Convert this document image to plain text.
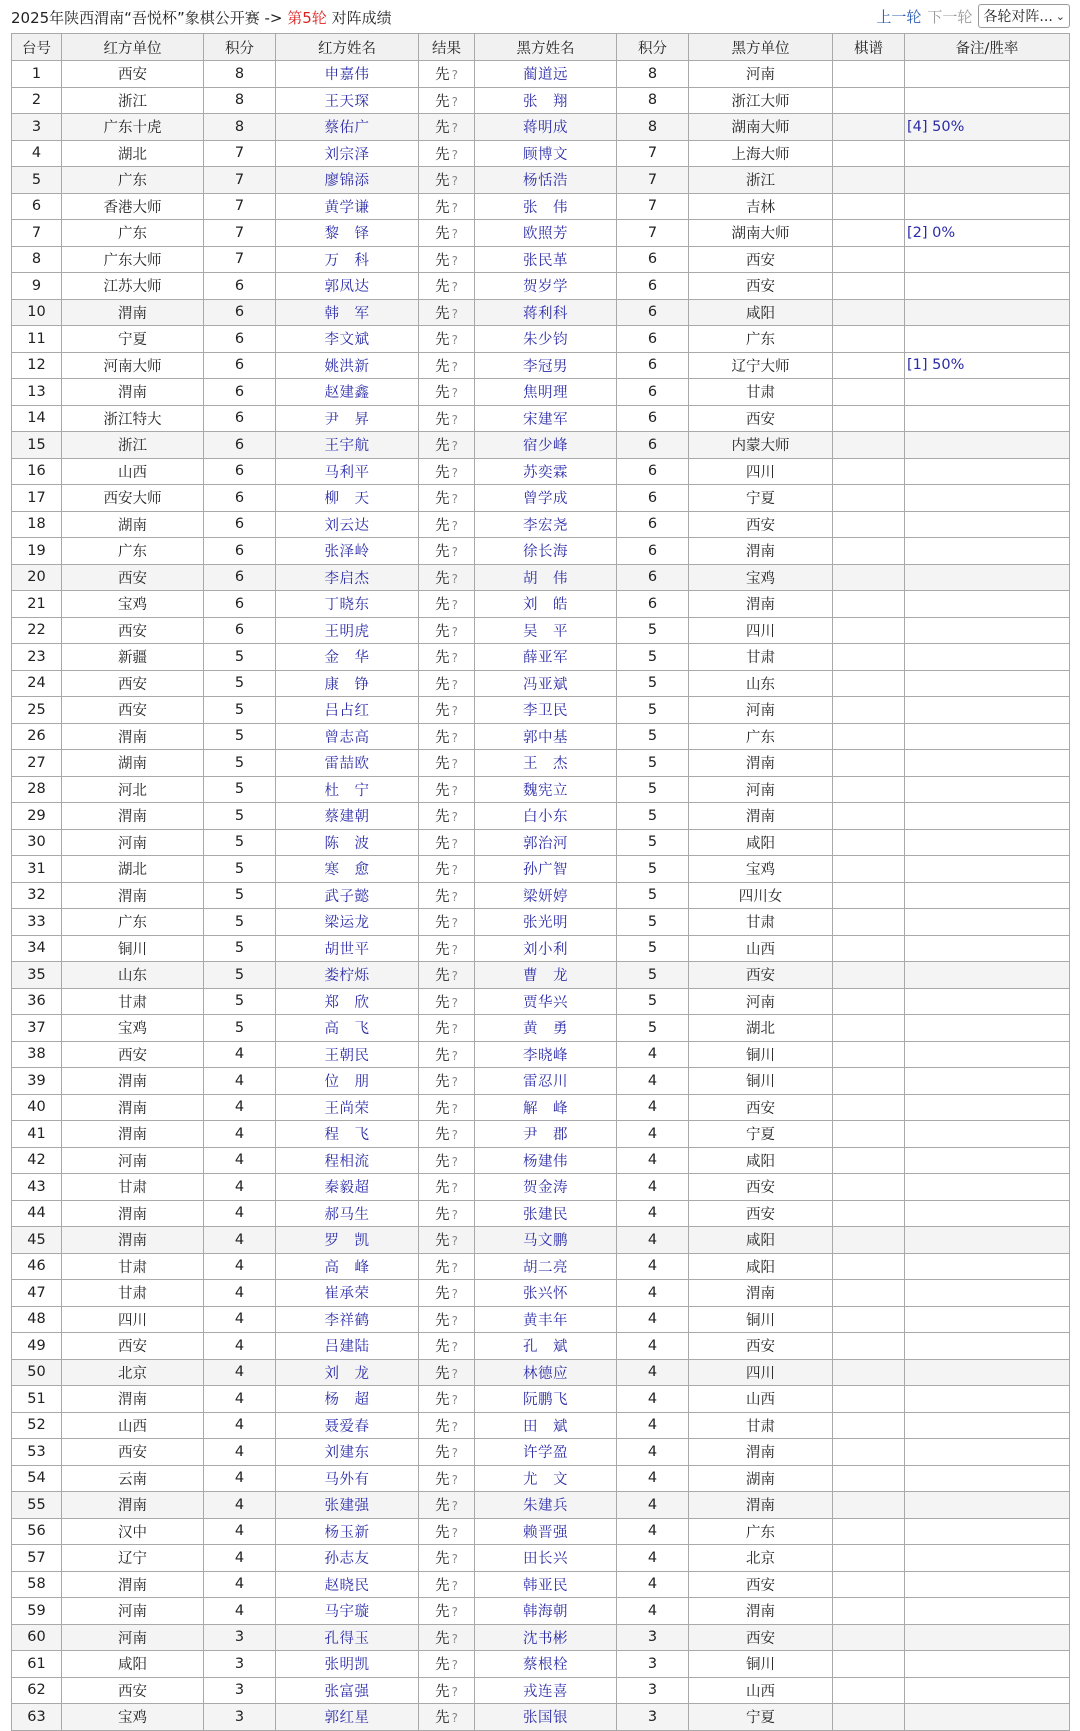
2025年陕西渭南“吾悦杯”象棋公开赛 -> 第5轮 对阵成绩	上一轮 下一轮 各轮对阵... ⌄
台号	红方单位	积分	红方姓名	结果	黑方姓名	积分	黑方单位	棋谱	备注/胜率
1	西安	8	申嘉伟	先 ?	蔺道远	8	河南		
2	浙江	8	王天琛	先 ?	张　翔	8	浙江大师		
3	广东十虎	8	蔡佑广	先 ?	蒋明成	8	湖南大师		[4] 50%
4	湖北	7	刘宗泽	先 ?	顾博文	7	上海大师		
5	广东	7	廖锦添	先 ?	杨恬浩	7	浙江		
6	香港大师	7	黄学谦	先 ?	张　伟	7	吉林		
7	广东	7	黎　铎	先 ?	欧照芳	7	湖南大师		[2] 0%
8	广东大师	7	万　科	先 ?	张民革	6	西安		
9	江苏大师	6	郭凤达	先 ?	贺岁学	6	西安		
10	渭南	6	韩　军	先 ?	蒋利科	6	咸阳		
11	宁夏	6	李文斌	先 ?	朱少钧	6	广东		
12	河南大师	6	姚洪新	先 ?	李冠男	6	辽宁大师		[1] 50%
13	渭南	6	赵建鑫	先 ?	焦明理	6	甘肃		
14	浙江特大	6	尹　昇	先 ?	宋建军	6	西安		
15	浙江	6	王宇航	先 ?	宿少峰	6	内蒙大师		
16	山西	6	马利平	先 ?	苏奕霖	6	四川		
17	西安大师	6	柳　天	先 ?	曾学成	6	宁夏		
18	湖南	6	刘云达	先 ?	李宏尧	6	西安		
19	广东	6	张泽岭	先 ?	徐长海	6	渭南		
20	西安	6	李启杰	先 ?	胡　伟	6	宝鸡		
21	宝鸡	6	丁晓东	先 ?	刘　皓	6	渭南		
22	西安	6	王明虎	先 ?	吴　平	5	四川		
23	新疆	5	金　华	先 ?	薛亚军	5	甘肃		
24	西安	5	康　铮	先 ?	冯亚斌	5	山东		
25	西安	5	吕占红	先 ?	李卫民	5	河南		
26	渭南	5	曾志高	先 ?	郭中基	5	广东		
27	湖南	5	雷喆欧	先 ?	王　杰	5	渭南		
28	河北	5	杜　宁	先 ?	魏宪立	5	河南		
29	渭南	5	蔡建朝	先 ?	白小东	5	渭南		
30	河南	5	陈　波	先 ?	郭治河	5	咸阳		
31	湖北	5	寒　愈	先 ?	孙广智	5	宝鸡		
32	渭南	5	武子懿	先 ?	梁妍婷	5	四川女		
33	广东	5	梁运龙	先 ?	张光明	5	甘肃		
34	铜川	5	胡世平	先 ?	刘小利	5	山西		
35	山东	5	娄柠烁	先 ?	曹　龙	5	西安		
36	甘肃	5	郑　欣	先 ?	贾华兴	5	河南		
37	宝鸡	5	高　飞	先 ?	黄　勇	5	湖北		
38	西安	4	王朝民	先 ?	李晓峰	4	铜川		
39	渭南	4	位　朋	先 ?	雷忍川	4	铜川		
40	渭南	4	王尚荣	先 ?	解　峰	4	西安		
41	渭南	4	程　飞	先 ?	尹　郡	4	宁夏		
42	河南	4	程相流	先 ?	杨建伟	4	咸阳		
43	甘肃	4	秦毅超	先 ?	贺金涛	4	西安		
44	渭南	4	郝马生	先 ?	张建民	4	西安		
45	渭南	4	罗　凯	先 ?	马文鹏	4	咸阳		
46	甘肃	4	高　峰	先 ?	胡二亮	4	咸阳		
47	甘肃	4	崔承荣	先 ?	张兴怀	4	渭南		
48	四川	4	李祥鹤	先 ?	黄丰年	4	铜川		
49	西安	4	吕建陆	先 ?	孔　斌	4	西安		
50	北京	4	刘　龙	先 ?	林德应	4	四川		
51	渭南	4	杨　超	先 ?	阮鹏飞	4	山西		
52	山西	4	聂爱春	先 ?	田　斌	4	甘肃		
53	西安	4	刘建东	先 ?	许学盈	4	渭南		
54	云南	4	马外有	先 ?	尤　文	4	湖南		
55	渭南	4	张建强	先 ?	朱建兵	4	渭南		
56	汉中	4	杨玉新	先 ?	赖晋强	4	广东		
57	辽宁	4	孙志友	先 ?	田长兴	4	北京		
58	渭南	4	赵晓民	先 ?	韩亚民	4	西安		
59	河南	4	马宇璇	先 ?	韩海朝	4	渭南		
60	河南	3	孔得玉	先 ?	沈书彬	3	西安		
61	咸阳	3	张明凯	先 ?	蔡根栓	3	铜川		
62	西安	3	张富强	先 ?	戎连喜	3	山西		
63	宝鸡	3	郭红星	先 ?	张国银	3	宁夏		
